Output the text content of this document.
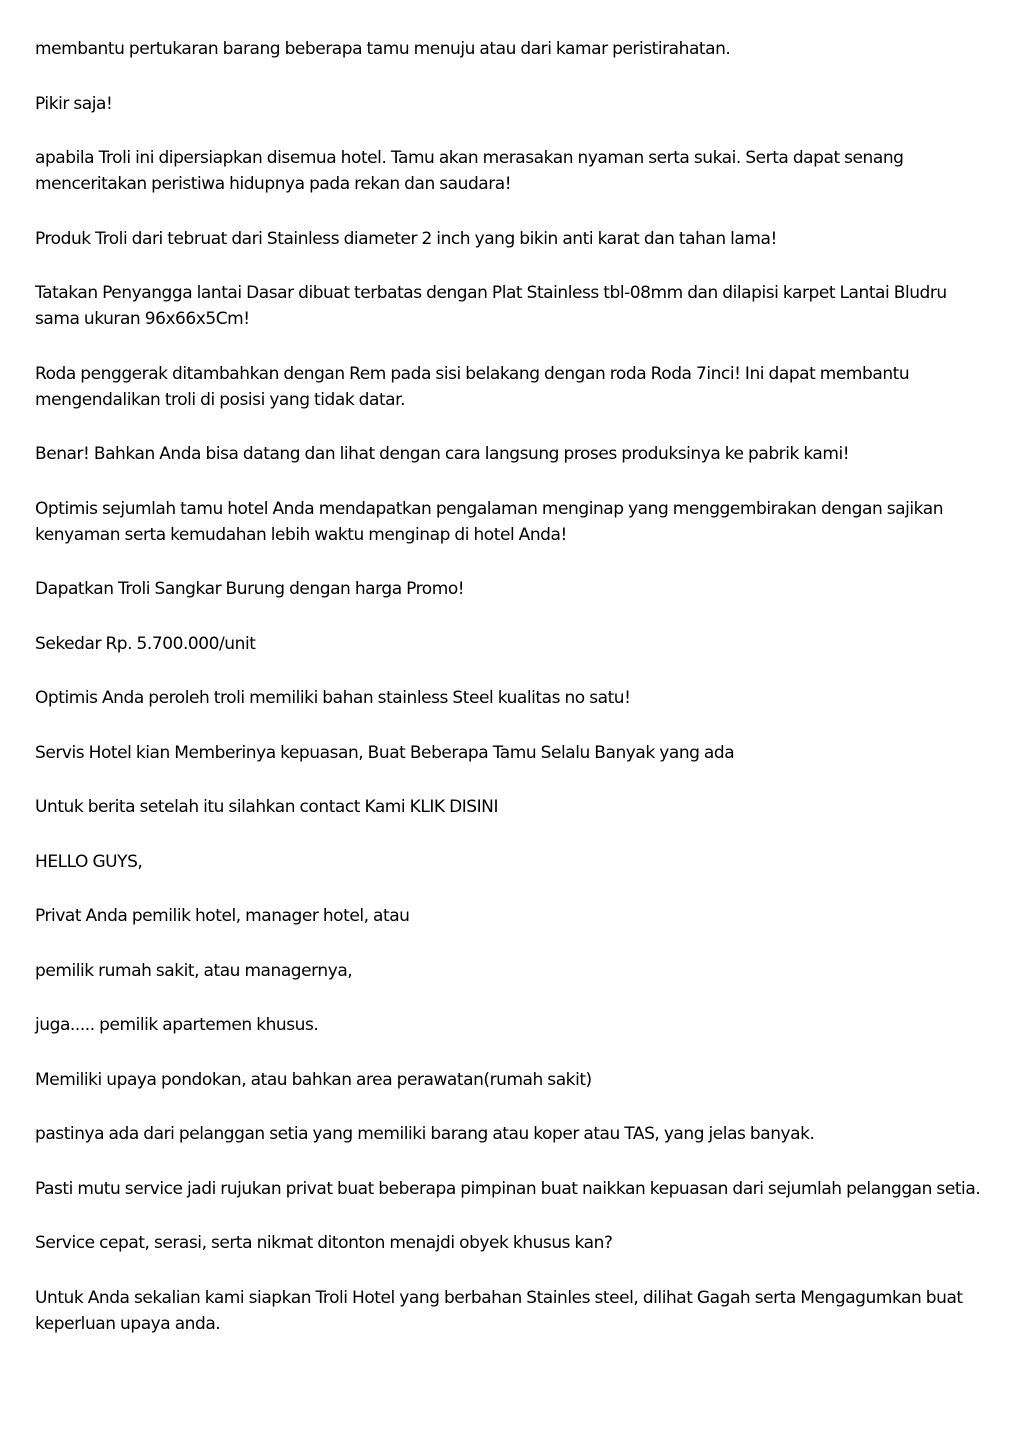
membantu pertukaran barang beberapa tamu menuju atau dari kamar peristirahatan.

Pikir saja!

apabila Troli ini dipersiapkan disemua hotel. Tamu akan merasakan nyaman serta sukai. Serta dapat senang menceritakan peristiwa hidupnya pada rekan dan saudara!

Produk Troli dari tebruat dari Stainless diameter 2 inch yang bikin anti karat dan tahan lama!

Tatakan Penyangga lantai Dasar dibuat terbatas dengan Plat Stainless tbl-08mm dan dilapisi karpet Lantai Bludru sama ukuran 96x66x5Cm!

Roda penggerak ditambahkan dengan Rem pada sisi belakang dengan roda Roda 7inci! Ini dapat membantu mengendalikan troli di posisi yang tidak datar.

Benar! Bahkan Anda bisa datang dan lihat dengan cara langsung proses produksinya ke pabrik kami!

Optimis sejumlah tamu hotel Anda mendapatkan pengalaman menginap yang menggembirakan dengan sajikan kenyaman serta kemudahan lebih waktu menginap di hotel Anda!

Dapatkan Troli Sangkar Burung dengan harga Promo!

Sekedar Rp. 5.700.000/unit

Optimis Anda peroleh troli memiliki bahan stainless Steel kualitas no satu!

Servis Hotel kian Memberinya kepuasan, Buat Beberapa Tamu Selalu Banyak yang ada

Untuk berita setelah itu silahkan contact Kami KLIK DISINI

HELLO GUYS,

Privat Anda pemilik hotel, manager hotel, atau

pemilik rumah sakit, atau managernya,

juga..... pemilik apartemen khusus.

Memiliki upaya pondokan, atau bahkan area perawatan(rumah sakit)

pastinya ada dari pelanggan setia yang memiliki barang atau koper atau TAS, yang jelas banyak.

Pasti mutu service jadi rujukan privat buat beberapa pimpinan buat naikkan kepuasan dari sejumlah pelanggan setia.

Service cepat, serasi, serta nikmat ditonton menajdi obyek khusus kan?

Untuk Anda sekalian kami siapkan Troli Hotel yang berbahan Stainles steel, dilihat Gagah serta Mengagumkan buat keperluan upaya anda.
